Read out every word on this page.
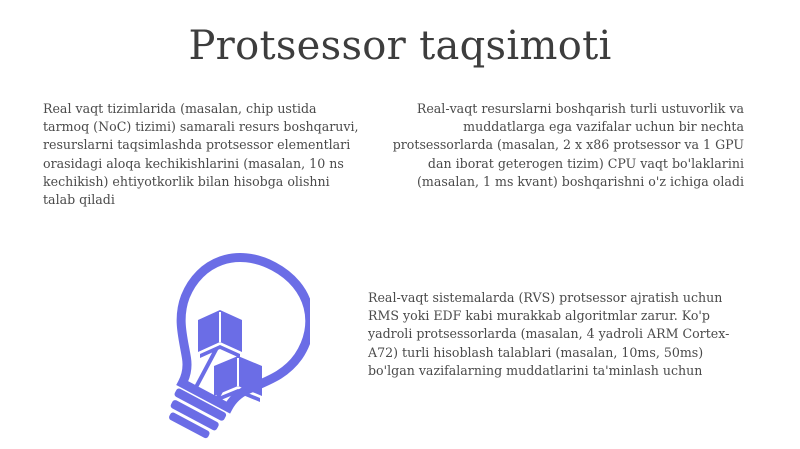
Protsessor taqsimoti

Real vaqt tizimlarida (masalan, chip ustida tarmoq (NoC) tizimi) samarali resurs boshqaruvi, resurslarni taqsimlashda protsessor elementlari orasidagi aloqa kechikishlarini (masalan, 10 ns kechikish) ehtiyotkorlik bilan hisobga olishni talab qiladi

Real-vaqt resurslarni boshqarish turli ustuvorlik va muddatlarga ega vazifalar uchun bir nechta protsessorlarda (masalan, 2 x x86 protsessor va 1 GPU dan iborat geterogen tizim) CPU vaqt bo'laklarini (masalan, 1 ms kvant) boshqarishni o'z ichiga oladi

Real-vaqt sistemalarda (RVS) protsessor ajratish uchun RMS yoki EDF kabi murakkab algoritmlar zarur. Ko'p yadroli protsessorlarda (masalan, 4 yadroli ARM Cortex-A72) turli hisoblash talablari (masalan, 10ms, 50ms) bo'lgan vazifalarning muddatlarini ta'minlash uchun
